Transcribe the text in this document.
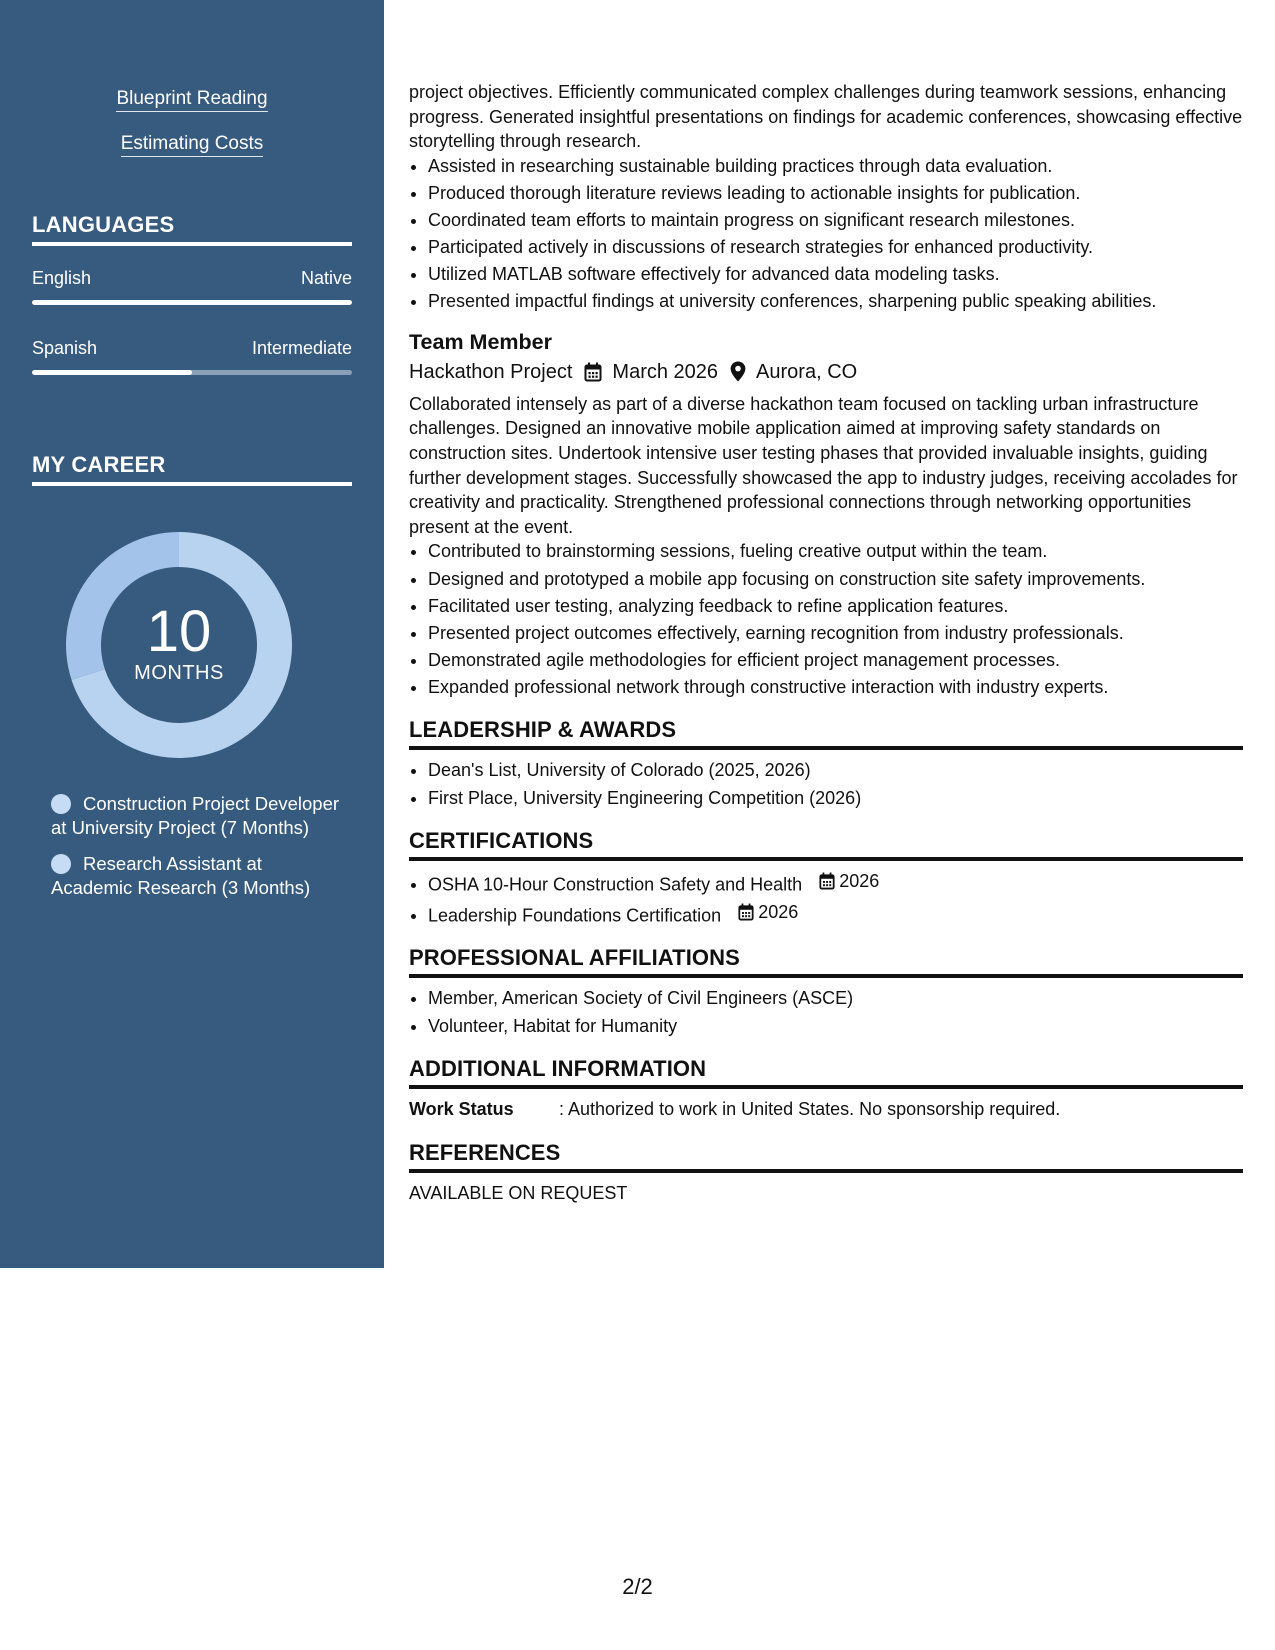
Blueprint Reading
Estimating Costs
LANGUAGES
English	Native
Spanish	Intermediate
MY CAREER
10
MONTHS
Construction Project Developer at University Project (7 Months)
Research Assistant at Academic Research (3 Months)

project objectives. Efficiently communicated complex challenges during teamwork sessions, enhancing progress. Generated insightful presentations on findings for academic conferences, showcasing effective storytelling through research.

• Assisted in researching sustainable building practices through data evaluation.
• Produced thorough literature reviews leading to actionable insights for publication.
• Coordinated team efforts to maintain progress on significant research milestones.
• Participated actively in discussions of research strategies for enhanced productivity.
• Utilized MATLAB software effectively for advanced data modeling tasks.
• Presented impactful findings at university conferences, sharpening public speaking abilities.
Team Member
Hackathon Project March 2026 Aurora, CO

Collaborated intensely as part of a diverse hackathon team focused on tackling urban infrastructure challenges. Designed an innovative mobile application aimed at improving safety standards on construction sites. Undertook intensive user testing phases that provided invaluable insights, guiding further development stages. Successfully showcased the app to industry judges, receiving accolades for creativity and practicality. Strengthened professional connections through networking opportunities present at the event.

• Contributed to brainstorming sessions, fueling creative output within the team.
• Designed and prototyped a mobile app focusing on construction site safety improvements.
• Facilitated user testing, analyzing feedback to refine application features.
• Presented project outcomes effectively, earning recognition from industry professionals.
• Demonstrated agile methodologies for efficient project management processes.
• Expanded professional network through constructive interaction with industry experts.
LEADERSHIP & AWARDS
• Dean's List, University of Colorado (2025, 2026)
• First Place, University Engineering Competition (2026)
CERTIFICATIONS
• OSHA 10-Hour Construction Safety and Health 2026
• Leadership Foundations Certification 2026
PROFESSIONAL AFFILIATIONS
• Member, American Society of Civil Engineers (ASCE)
• Volunteer, Habitat for Humanity
ADDITIONAL INFORMATION
Work Status	: Authorized to work in United States. No sponsorship required.
REFERENCES
AVAILABLE ON REQUEST
2/2
